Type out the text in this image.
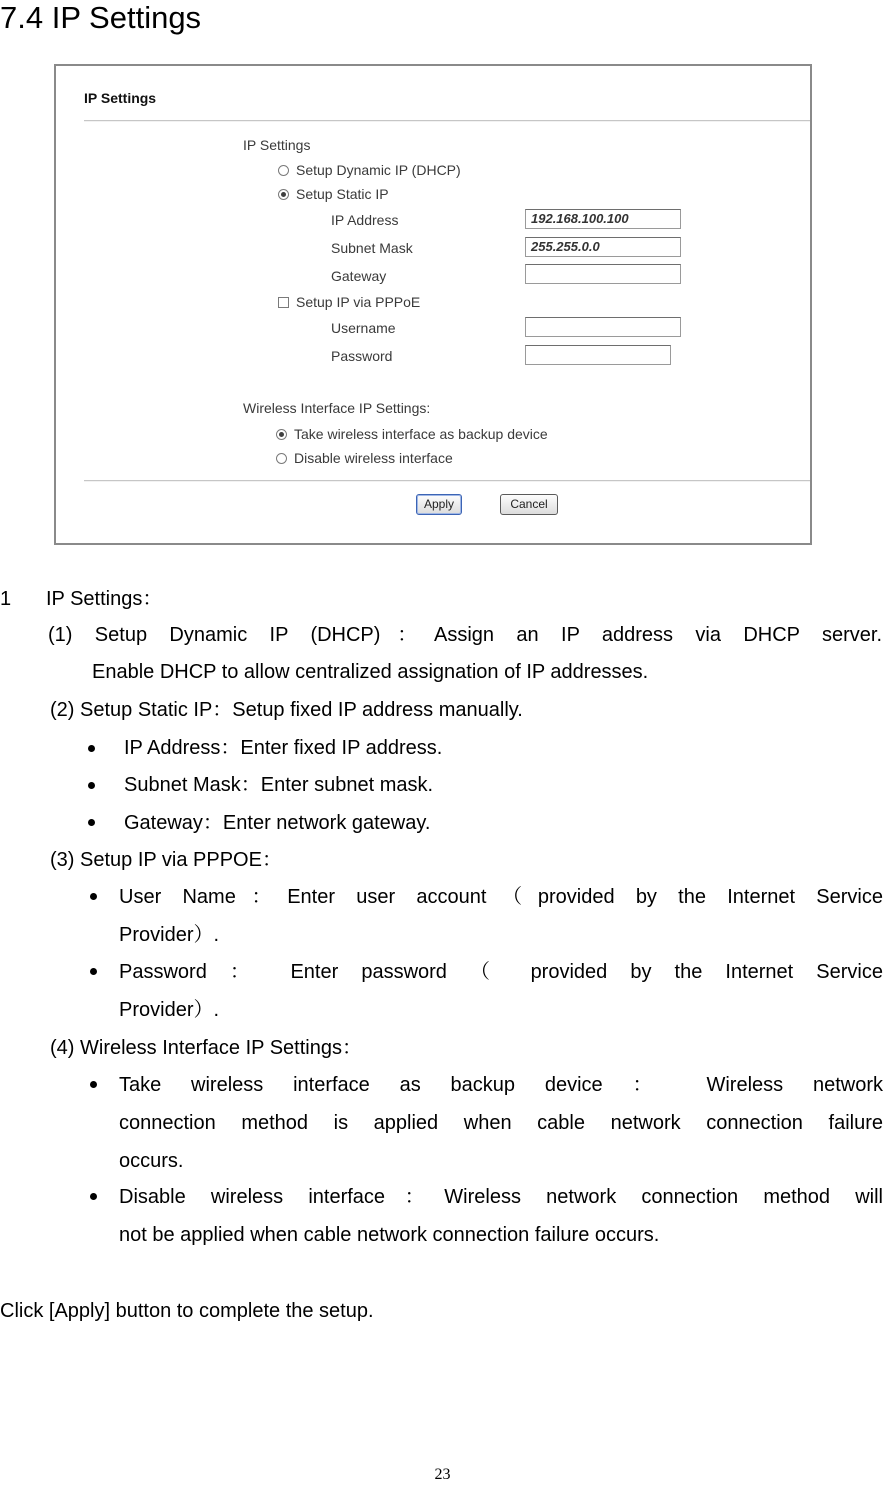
7.4 IP Settings
IP Settings
IP Settings
Setup Dynamic IP (DHCP)
Setup Static IP
IP Address	192.168.100.100
Subnet Mask	255.255.0.0
Gateway
Setup IP via PPPoE
Username
Password
Wireless Interface IP Settings:
Take wireless interface as backup device
Disable wireless interface
Apply	Cancel
1 IP Settings：
(1) Setup Dynamic IP (DHCP)：Assign an IP address via DHCP server.
Enable DHCP to allow centralized assignation of IP addresses.
(2) Setup Static IP：Setup fixed IP address manually.
IP Address：Enter fixed IP address.
Subnet Mask：Enter subnet mask.
Gateway：Enter network gateway.
(3) Setup IP via PPPOE：
User Name：Enter user account（provided by the Internet Service
Provider）.
Password ： Enter password （ provided by the Internet Service
Provider）.
(4) Wireless Interface IP Settings：
Take wireless interface as backup device ： Wireless network
connection method is applied when cable network connection failure
occurs.
Disable wireless interface：Wireless network connection method will
not be applied when cable network connection failure occurs.
Click [Apply] button to complete the setup.
23
